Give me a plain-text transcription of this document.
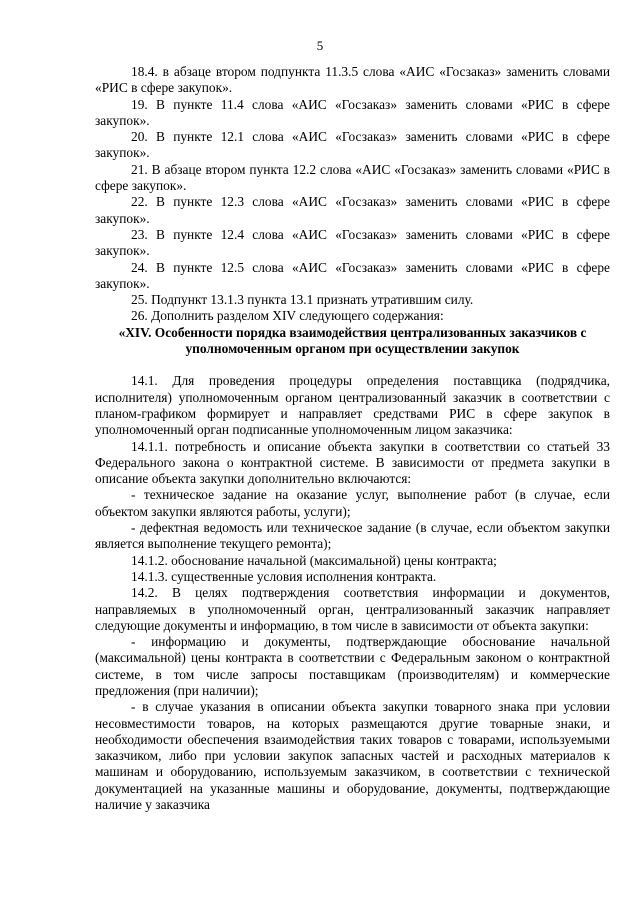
5

18.4. в абзаце втором подпункта 11.3.5 слова «АИС «Госзаказ» заменить словами «РИС в сфере закупок».

19. В пункте 11.4 слова «АИС «Госзаказ» заменить словами «РИС в сфере закупок».

20. В пункте 12.1 слова «АИС «Госзаказ» заменить словами «РИС в сфере закупок».

21. В абзаце втором пункта 12.2 слова «АИС «Госзаказ» заменить словами «РИС в сфере закупок».

22. В пункте 12.3 слова «АИС «Госзаказ» заменить словами «РИС в сфере закупок».

23. В пункте 12.4 слова «АИС «Госзаказ» заменить словами «РИС в сфере закупок».

24. В пункте 12.5 слова «АИС «Госзаказ» заменить словами «РИС в сфере закупок».

25. Подпункт 13.1.3 пункта 13.1 признать утратившим силу.

26. Дополнить разделом XIV следующего содержания:

«XIV. Особенности порядка взаимодействия централизованных заказчиков с уполномоченным органом при осуществлении закупок

14.1. Для проведения процедуры определения поставщика (подрядчика, исполнителя) уполномоченным органом централизованный заказчик в соответствии с планом-графиком формирует и направляет средствами РИС в сфере закупок в уполномоченный орган подписанные уполномоченным лицом заказчика:

14.1.1. потребность и описание объекта закупки в соответствии со статьей 33 Федерального закона о контрактной системе. В зависимости от предмета закупки в описание объекта закупки дополнительно включаются:

- техническое задание на оказание услуг, выполнение работ (в случае, если объектом закупки являются работы, услуги);

- дефектная ведомость или техническое задание (в случае, если объектом закупки является выполнение текущего ремонта);

14.1.2. обоснование начальной (максимальной) цены контракта;

14.1.3. существенные условия исполнения контракта.

14.2. В целях подтверждения соответствия информации и документов, направляемых в уполномоченный орган, централизованный заказчик направляет следующие документы и информацию, в том числе в зависимости от объекта закупки:

- информацию и документы, подтверждающие обоснование начальной (максимальной) цены контракта в соответствии с Федеральным законом о контрактной системе, в том числе запросы поставщикам (производителям) и коммерческие предложения (при наличии);

- в случае указания в описании объекта закупки товарного знака при условии несовместимости товаров, на которых размещаются другие товарные знаки, и необходимости обеспечения взаимодействия таких товаров с товарами, используемыми заказчиком, либо при условии закупок запасных частей и расходных материалов к машинам и оборудованию, используемым заказчиком, в соответствии с технической документацией на указанные машины и оборудование, документы, подтверждающие наличие у заказчика
